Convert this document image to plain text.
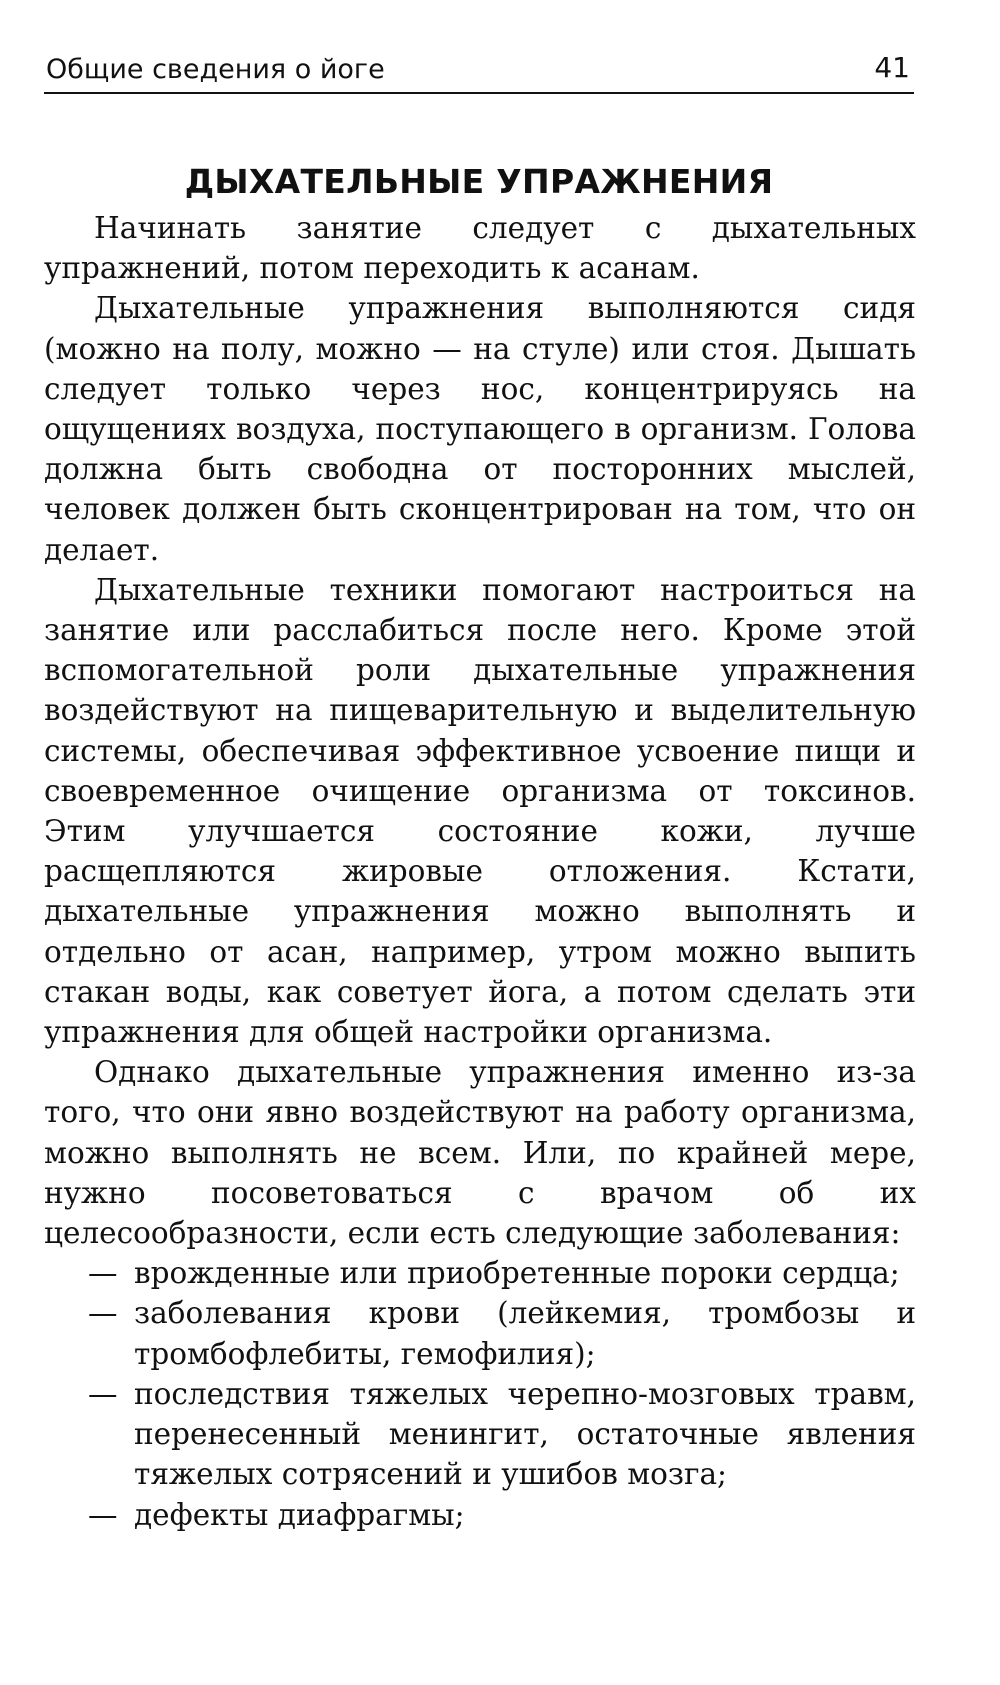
Общие сведения о йоге	41
ДЫХАТЕЛЬНЫЕ УПРАЖНЕНИЯ

Начинать занятие следует с дыхательных упражнений, потом переходить к асанам.

Дыхательные упражнения выполняются сидя (можно на полу, можно — на стуле) или стоя. Дышать следует только через нос, концентрируясь на ощущениях воздуха, поступающего в организм. Голова должна быть свободна от посторонних мыслей, человек должен быть сконцентрирован на том, что он делает.

Дыхательные техники помогают настроиться на занятие или расслабиться после него. Кроме этой вспомогательной роли дыхательные упражнения воздействуют на пищеварительную и выделительную системы, обеспечивая эффективное усвоение пищи и своевременное очищение организма от токсинов. Этим улучшается состояние кожи, лучше расщепляются жировые отложения. Кстати, дыхательные упражнения можно выполнять и отдельно от асан, например, утром можно выпить стакан воды, как советует йога, а потом сделать эти упражнения для общей настройки организма.

Однако дыхательные упражнения именно из-за того, что они явно воздействуют на работу организма, можно выполнять не всем. Или, по крайней мере, нужно посоветоваться с врачом об их целесообразности, если есть следующие заболевания:

— врожденные или приобретенные пороки сердца;
— заболевания крови (лейкемия, тромбозы и тромбофлебиты, гемофилия);
— последствия тяжелых черепно-мозговых травм, перенесенный менингит, остаточные явления тяжелых сотрясений и ушибов мозга;
— дефекты диафрагмы;
